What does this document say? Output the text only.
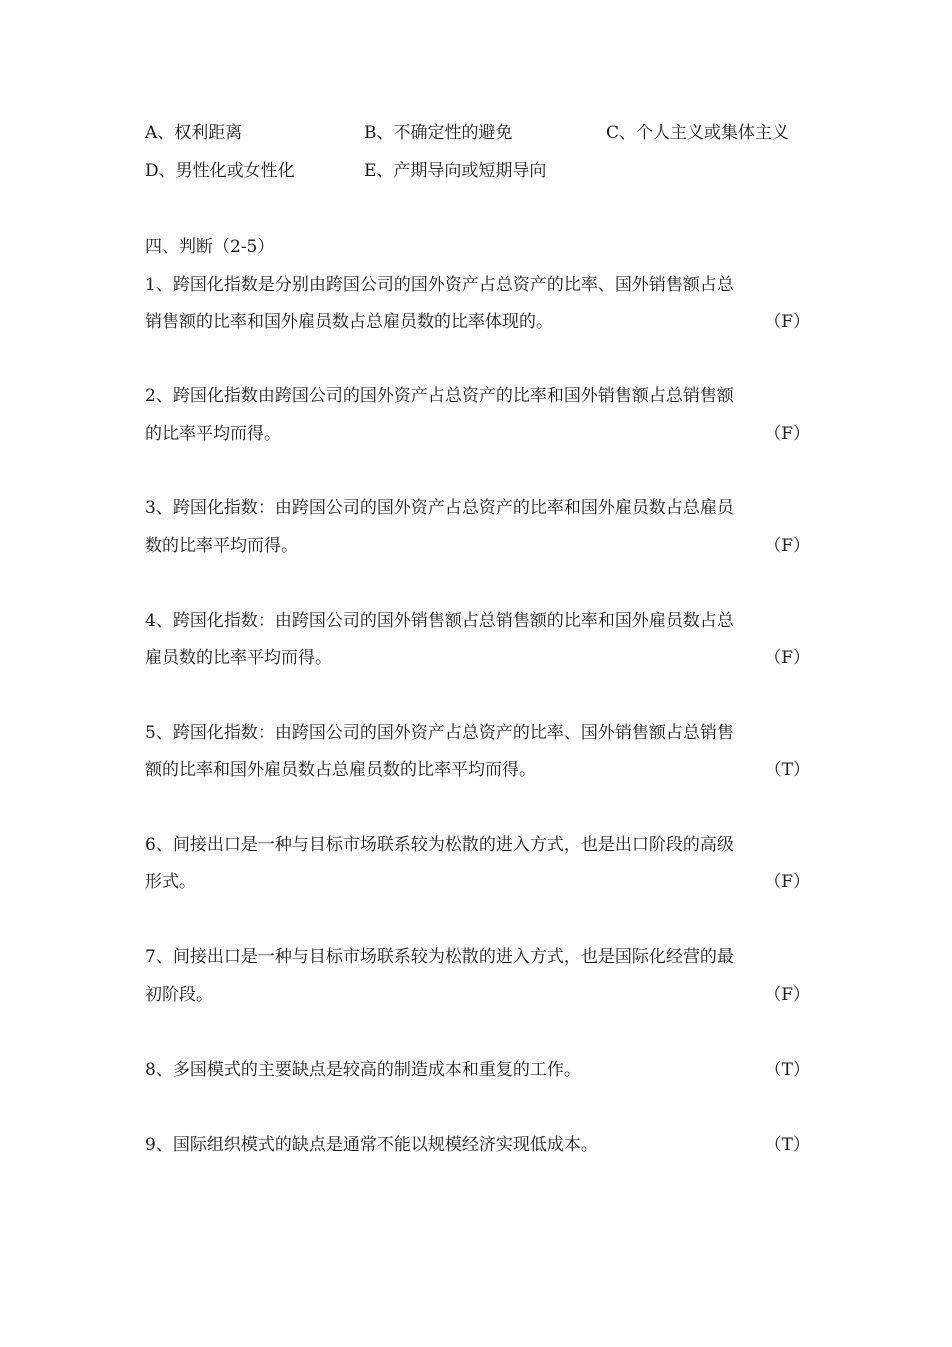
A、权利距离	B、不确定性的避免	C、个人主义或集体主义
D、男性化或女性化	E、产期导向或短期导向
四、判断（2-5）
1、跨国化指数是分别由跨国公司的国外资产占总资产的比率、国外销售额占总
销售额的比率和国外雇员数占总雇员数的比率体现的。	（F）
2、跨国化指数由跨国公司的国外资产占总资产的比率和国外销售额占总销售额
的比率平均而得。	（F）
3、跨国化指数：由跨国公司的国外资产占总资产的比率和国外雇员数占总雇员
数的比率平均而得。	（F）
4、跨国化指数：由跨国公司的国外销售额占总销售额的比率和国外雇员数占总
雇员数的比率平均而得。	（F）
5、跨国化指数：由跨国公司的国外资产占总资产的比率、国外销售额占总销售
额的比率和国外雇员数占总雇员数的比率平均而得。	（T）
6、间接出口是一种与目标市场联系较为松散的进入方式，也是出口阶段的高级
形式。	（F）
7、间接出口是一种与目标市场联系较为松散的进入方式，也是国际化经营的最
初阶段。	（F）
8、多国模式的主要缺点是较高的制造成本和重复的工作。	（T）
9、国际组织模式的缺点是通常不能以规模经济实现低成本。	（T）
